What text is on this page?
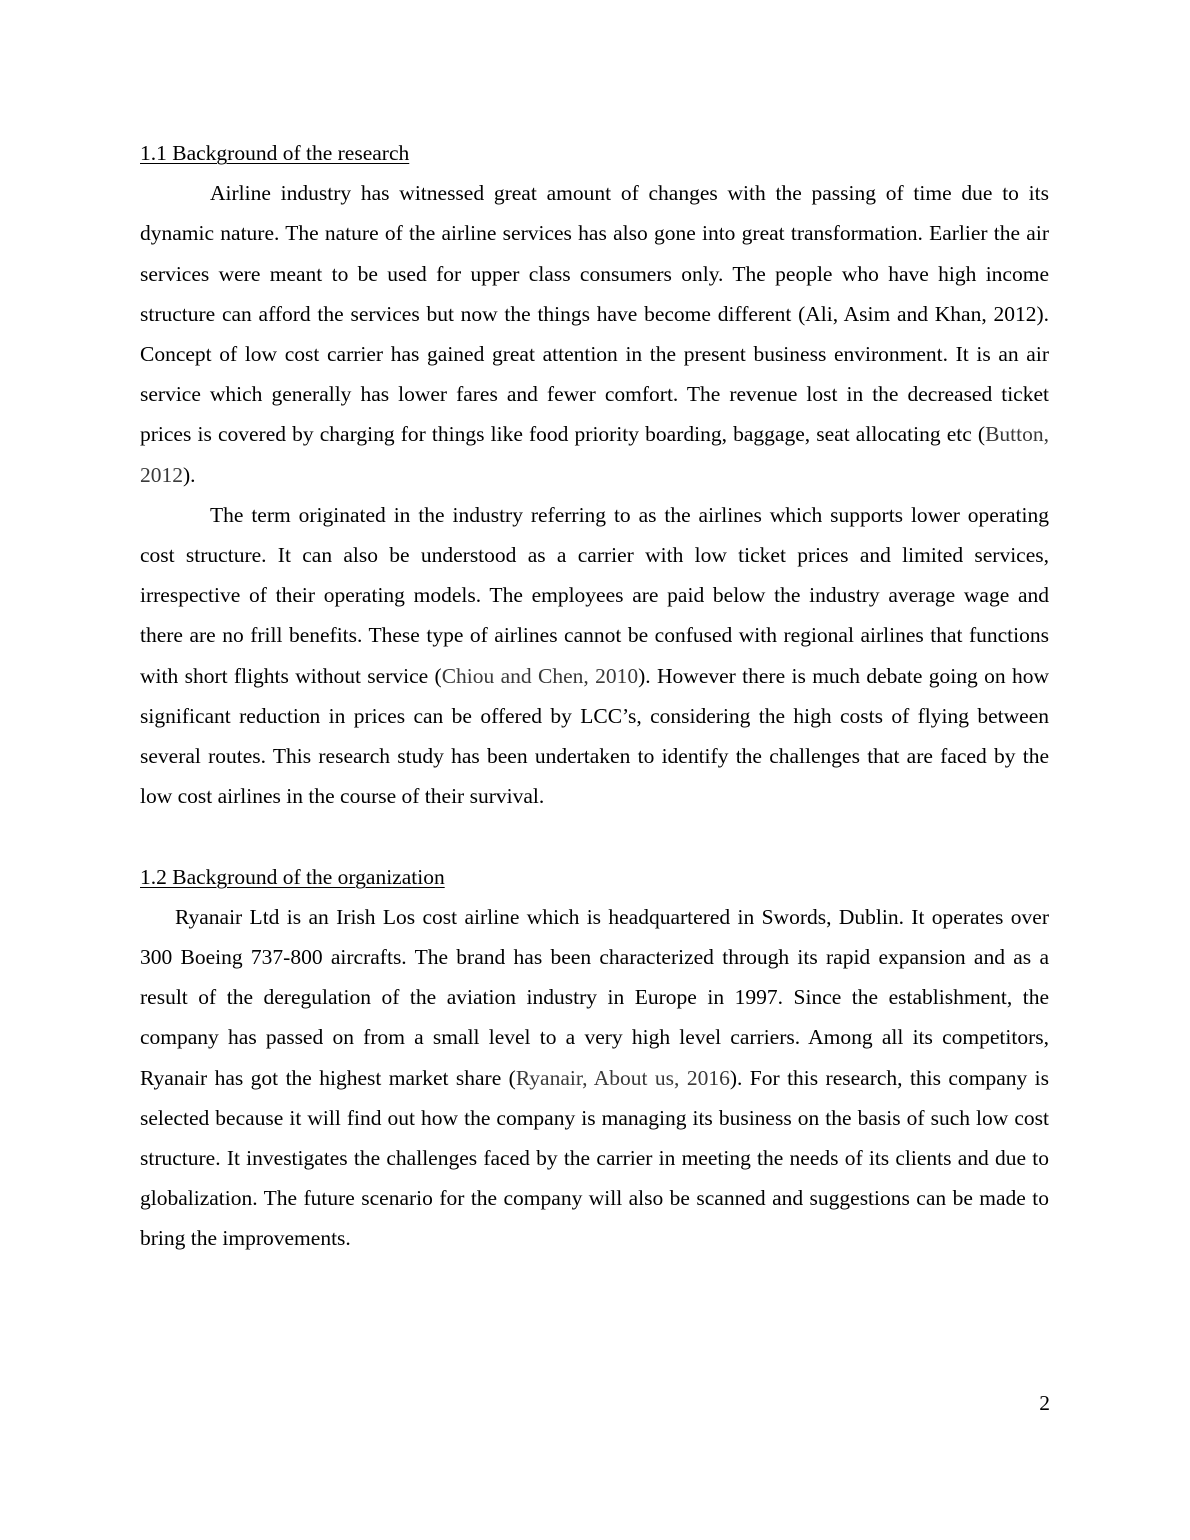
1.1 Background of the research

Airline industry has witnessed great amount of changes with the passing of time due to its dynamic nature. The nature of the airline services has also gone into great transformation. Earlier the air services were meant to be used for upper class consumers only. The people who have high income structure can afford the services but now the things have become different (Ali, Asim and Khan, 2012). Concept of low cost carrier has gained great attention in the present business environment. It is an air service which generally has lower fares and fewer comfort. The revenue lost in the decreased ticket prices is covered by charging for things like food priority boarding, baggage, seat allocating etc (Button, 2012).

The term originated in the industry referring to as the airlines which supports lower operating cost structure. It can also be understood as a carrier with low ticket prices and limited services, irrespective of their operating models. The employees are paid below the industry average wage and there are no frill benefits. These type of airlines cannot be confused with regional airlines that functions with short flights without service (Chiou and Chen, 2010). However there is much debate going on how significant reduction in prices can be offered by LCC’s, considering the high costs of flying between several routes. This research study has been undertaken to identify the challenges that are faced by the low cost airlines in the course of their survival.

1.2 Background of the organization

Ryanair Ltd is an Irish Los cost airline which is headquartered in Swords, Dublin. It operates over 300 Boeing 737-800 aircrafts. The brand has been characterized through its rapid expansion and as a result of the deregulation of the aviation industry in Europe in 1997. Since the establishment, the company has passed on from a small level to a very high level carriers. Among all its competitors, Ryanair has got the highest market share (Ryanair, About us, 2016). For this research, this company is selected because it will find out how the company is managing its business on the basis of such low cost structure. It investigates the challenges faced by the carrier in meeting the needs of its clients and due to globalization. The future scenario for the company will also be scanned and suggestions can be made to bring the improvements.

2
